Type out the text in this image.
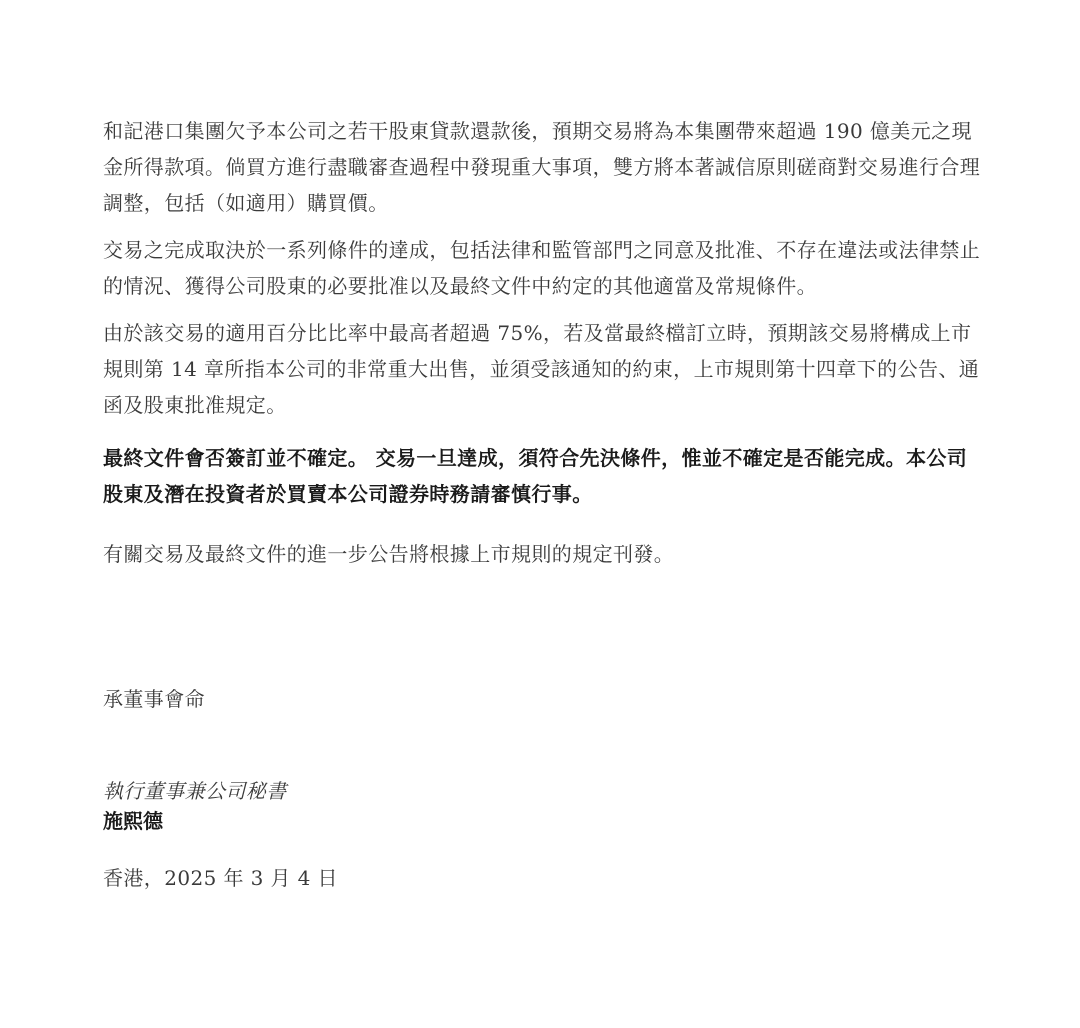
和記港口集團欠予本公司之若干股東貸款還款後，預期交易將為本集團帶來超過 190 億美元之現金所得款項。倘買方進行盡職審查過程中發現重大事項，雙方將本著誠信原則磋商對交易進行合理調整，包括（如適用）購買價。

交易之完成取決於一系列條件的達成，包括法律和監管部門之同意及批准、不存在違法或法律禁止的情況、獲得公司股東的必要批准以及最終文件中約定的其他適當及常規條件。

由於該交易的適用百分比比率中最高者超過 75%，若及當最終檔訂立時，預期該交易將構成上市規則第 14 章所指本公司的非常重大出售，並須受該通知的約束，上市規則第十四章下的公告、通函及股東批准規定。

最終文件會否簽訂並不確定。 交易一旦達成，須符合先決條件，惟並不確定是否能完成。本公司股東及潛在投資者於買賣本公司證券時務請審慎行事。

有關交易及最終文件的進一步公告將根據上市規則的規定刊發。

承董事會命

執行董事兼公司秘書

施熙德

香港，2025 年 3 月 4 日
